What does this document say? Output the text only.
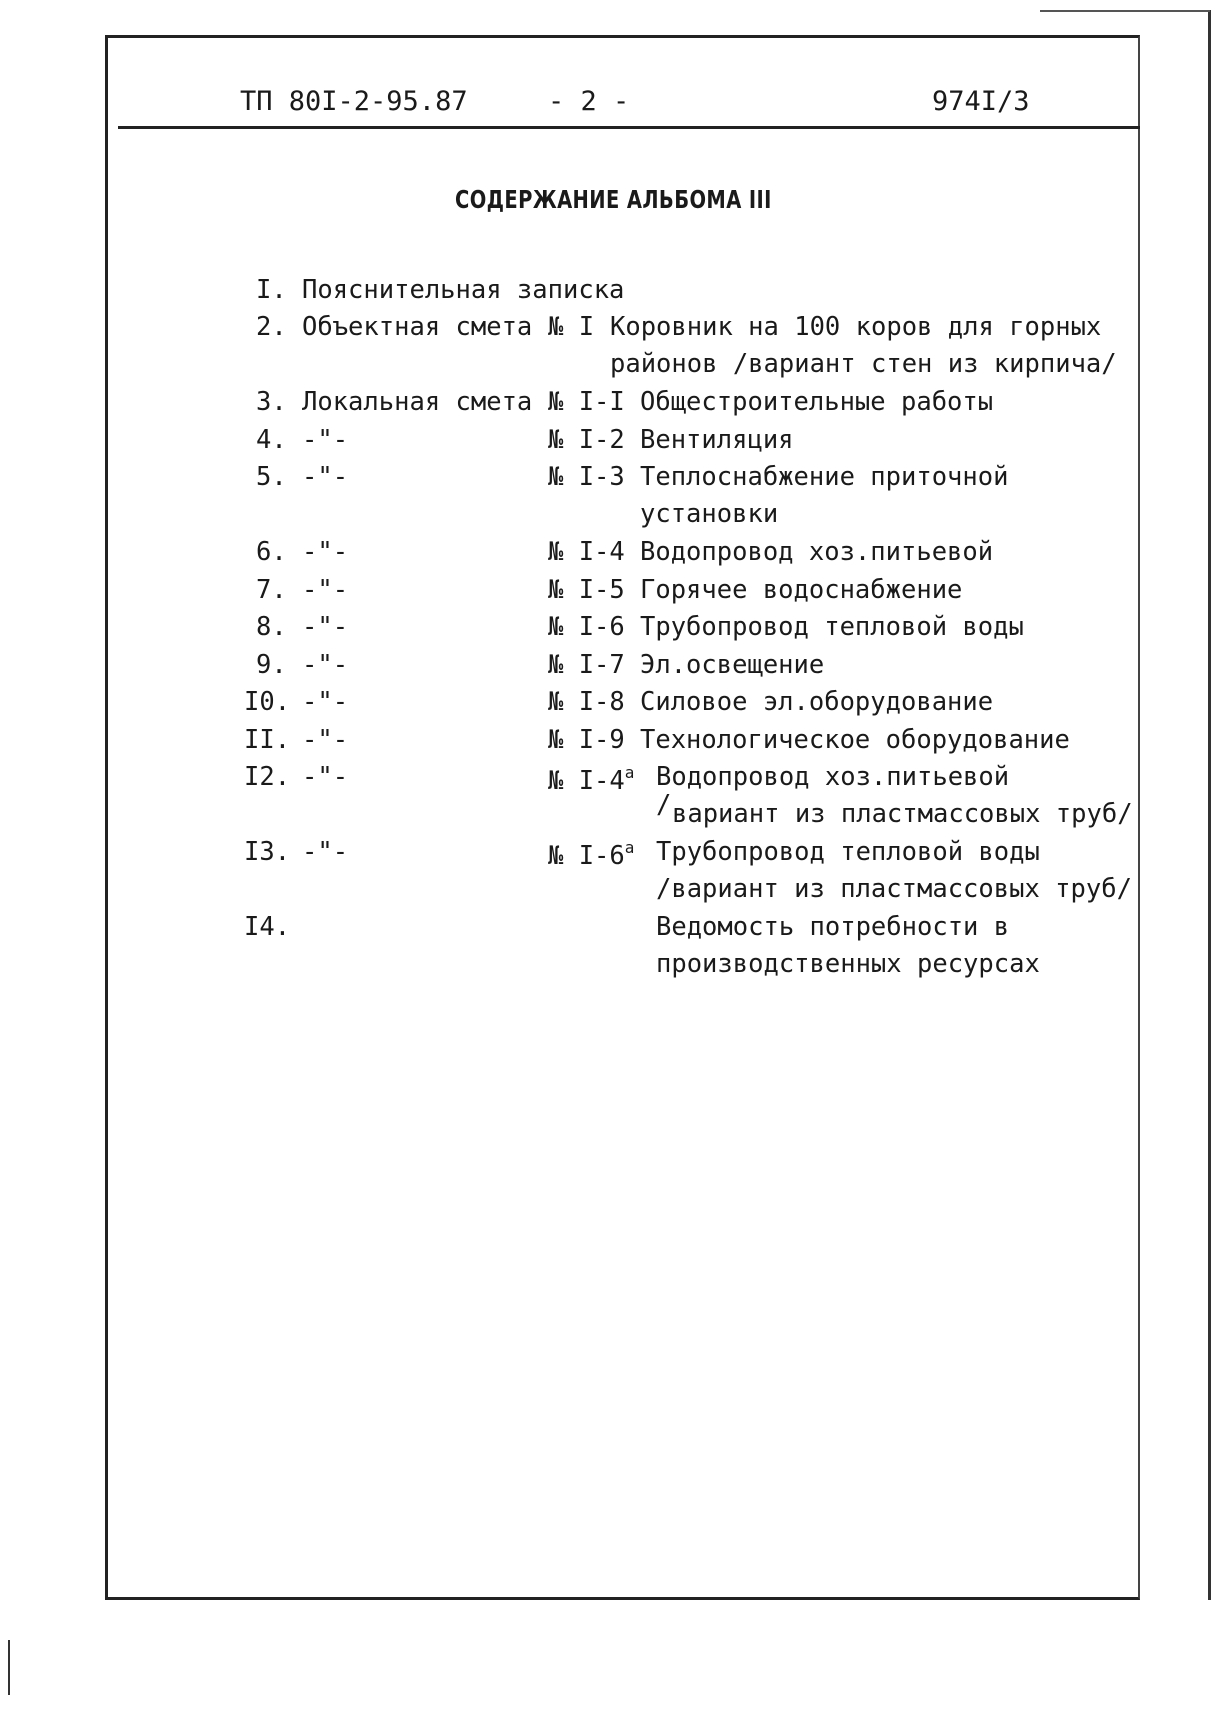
ТП 80I-2-95.87	- 2 -	974I/3
СОДЕРЖАНИЕ АЛЬБОМА III
I. Пояснительная записка
2. Объектная смета № I Коровник на 100 коров для горных
районов /вариант стен из кирпича/
3. Локальная смета № I-I Общестроительные работы
4. -"-	№ I-2 Вентиляция
5. -"-	№ I-3 Теплоснабжение приточной
установки
6. -"-	№ I-4 Водопровод хоз.питьевой
7. -"-	№ I-5 Горячее водоснабжение
8. -"-	№ I-6 Трубопровод тепловой воды
9. -"-	№ I-7 Эл.освещение
I0. -"-	№ I-8 Силовое эл.оборудование
II. -"-	№ I-9 Технологическое оборудование
I2. -"-	№ $I-4^а$ Водопровод хоз.питьевой
/ вариант из пластмассовых труб/
I3. -"-	№ $I-6^а$ Трубопровод тепловой воды
/вариант из пластмассовых труб/
I4.	Ведомость потребности в
производственных ресурсах
